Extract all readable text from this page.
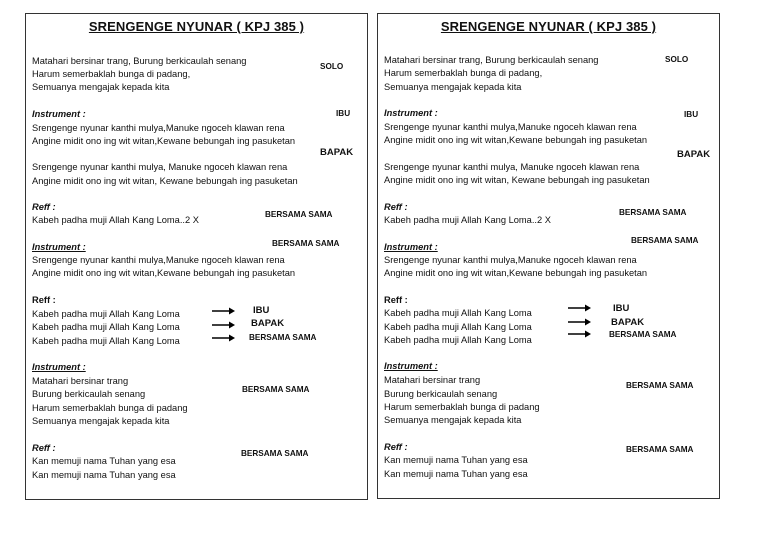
SRENGENGE NYUNAR ( KPJ 385 )
Matahari bersinar trang, Burung berkicaulah senang
Harum semerbaklah bunga di padang,
Semuanya mengajak kepada kita
SOLO
Instrument :	IBU
Srengenge nyunar kanthi mulya,Manuke ngoceh klawan rena
Angine midit ono ing wit witan,Kewane bebungah ing pasuketan
BAPAK
Srengenge nyunar kanthi mulya, Manuke ngoceh klawan rena
Angine midit ono ing wit witan, Kewane bebungah ing pasuketan
Reff :
Kabeh padha muji Allah Kang Loma..2 X
BERSAMA SAMA
Instrument :	BERSAMA SAMA
Srengenge nyunar kanthi mulya,Manuke ngoceh klawan rena
Angine midit ono ing wit witan,Kewane bebungah ing pasuketan
Reff :
Kabeh padha muji Allah Kang Loma
Kabeh padha muji Allah Kang Loma
Kabeh padha muji Allah Kang Loma
IBU
BAPAK
BERSAMA SAMA
Instrument :
Matahari bersinar trang
Burung berkicaulah senang
Harum semerbaklah bunga di padang
Semuanya mengajak kepada kita
BERSAMA SAMA
Reff :
Kan memuji nama Tuhan yang esa
Kan memuji nama Tuhan yang esa
BERSAMA SAMA
SRENGENGE NYUNAR ( KPJ 385 )
Matahari bersinar trang, Burung berkicaulah senang
Harum semerbaklah bunga di padang,
Semuanya mengajak kepada kita
SOLO
Instrument :	IBU
Srengenge nyunar kanthi mulya,Manuke ngoceh klawan rena
Angine midit ono ing wit witan,Kewane bebungah ing pasuketan
BAPAK
Srengenge nyunar kanthi mulya, Manuke ngoceh klawan rena
Angine midit ono ing wit witan, Kewane bebungah ing pasuketan
Reff :
Kabeh padha muji Allah Kang Loma..2 X
BERSAMA SAMA
Instrument :
BERSAMA SAMA
Srengenge nyunar kanthi mulya,Manuke ngoceh klawan rena
Angine midit ono ing wit witan,Kewane bebungah ing pasuketan
Reff :
Kabeh padha muji Allah Kang Loma
Kabeh padha muji Allah Kang Loma
Kabeh padha muji Allah Kang Loma
IBU
BAPAK
BERSAMA SAMA
Instrument :
Matahari bersinar trang
Burung berkicaulah senang
Harum semerbaklah bunga di padang
Semuanya mengajak kepada kita
BERSAMA SAMA
Reff :
Kan memuji nama Tuhan yang esa
Kan memuji nama Tuhan yang esa
BERSAMA SAMA
